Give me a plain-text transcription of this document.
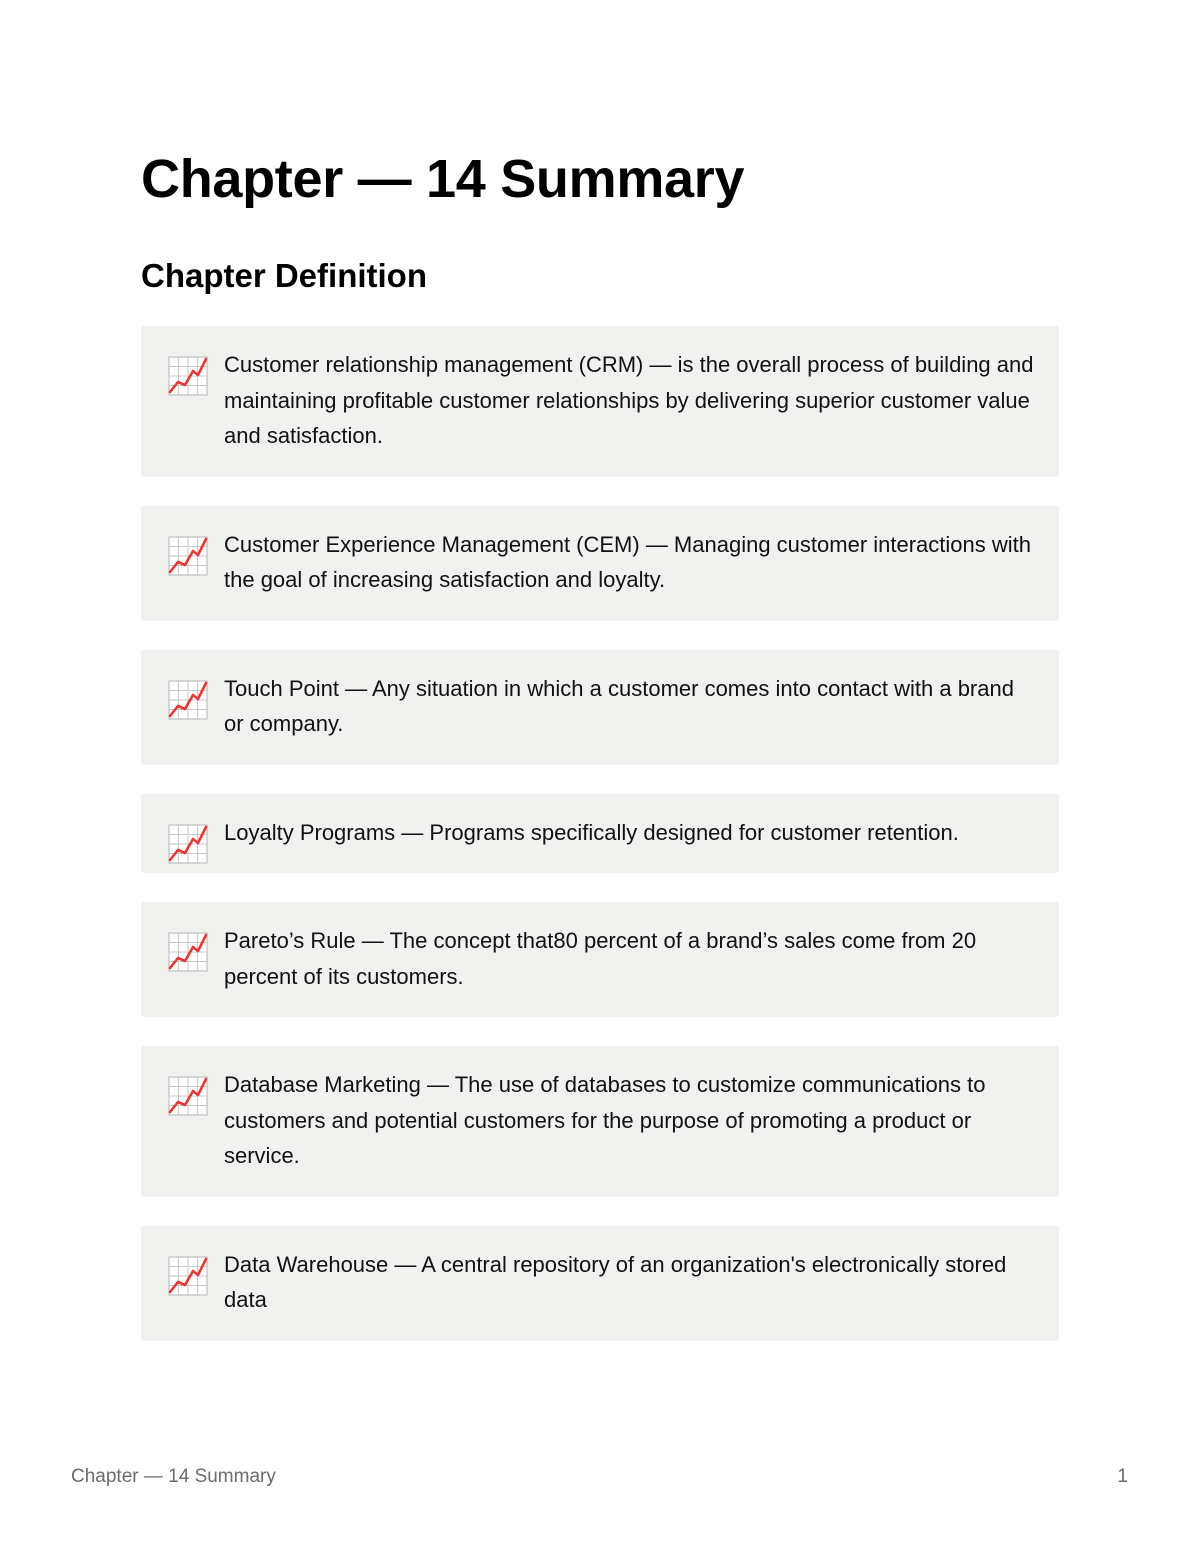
Chapter — 14 Summary
Chapter Definition
Customer relationship management (CRM) — is the overall process of building and maintaining profitable customer relationships by delivering superior customer value and satisfaction.
Customer Experience Management (CEM) — Managing customer interactions with the goal of increasing satisfaction and loyalty.
Touch Point — Any situation in which a customer comes into contact with a brand or company.
Loyalty Programs — Programs specifically designed for customer retention.
Pareto’s Rule — The concept that80 percent of a brand’s sales come from 20 percent of its customers.
Database Marketing — The use of databases to customize communications to customers and potential customers for the purpose of promoting a product or service.
Data Warehouse — A central repository of an organization's electronically stored data
Chapter — 14 Summary	1
